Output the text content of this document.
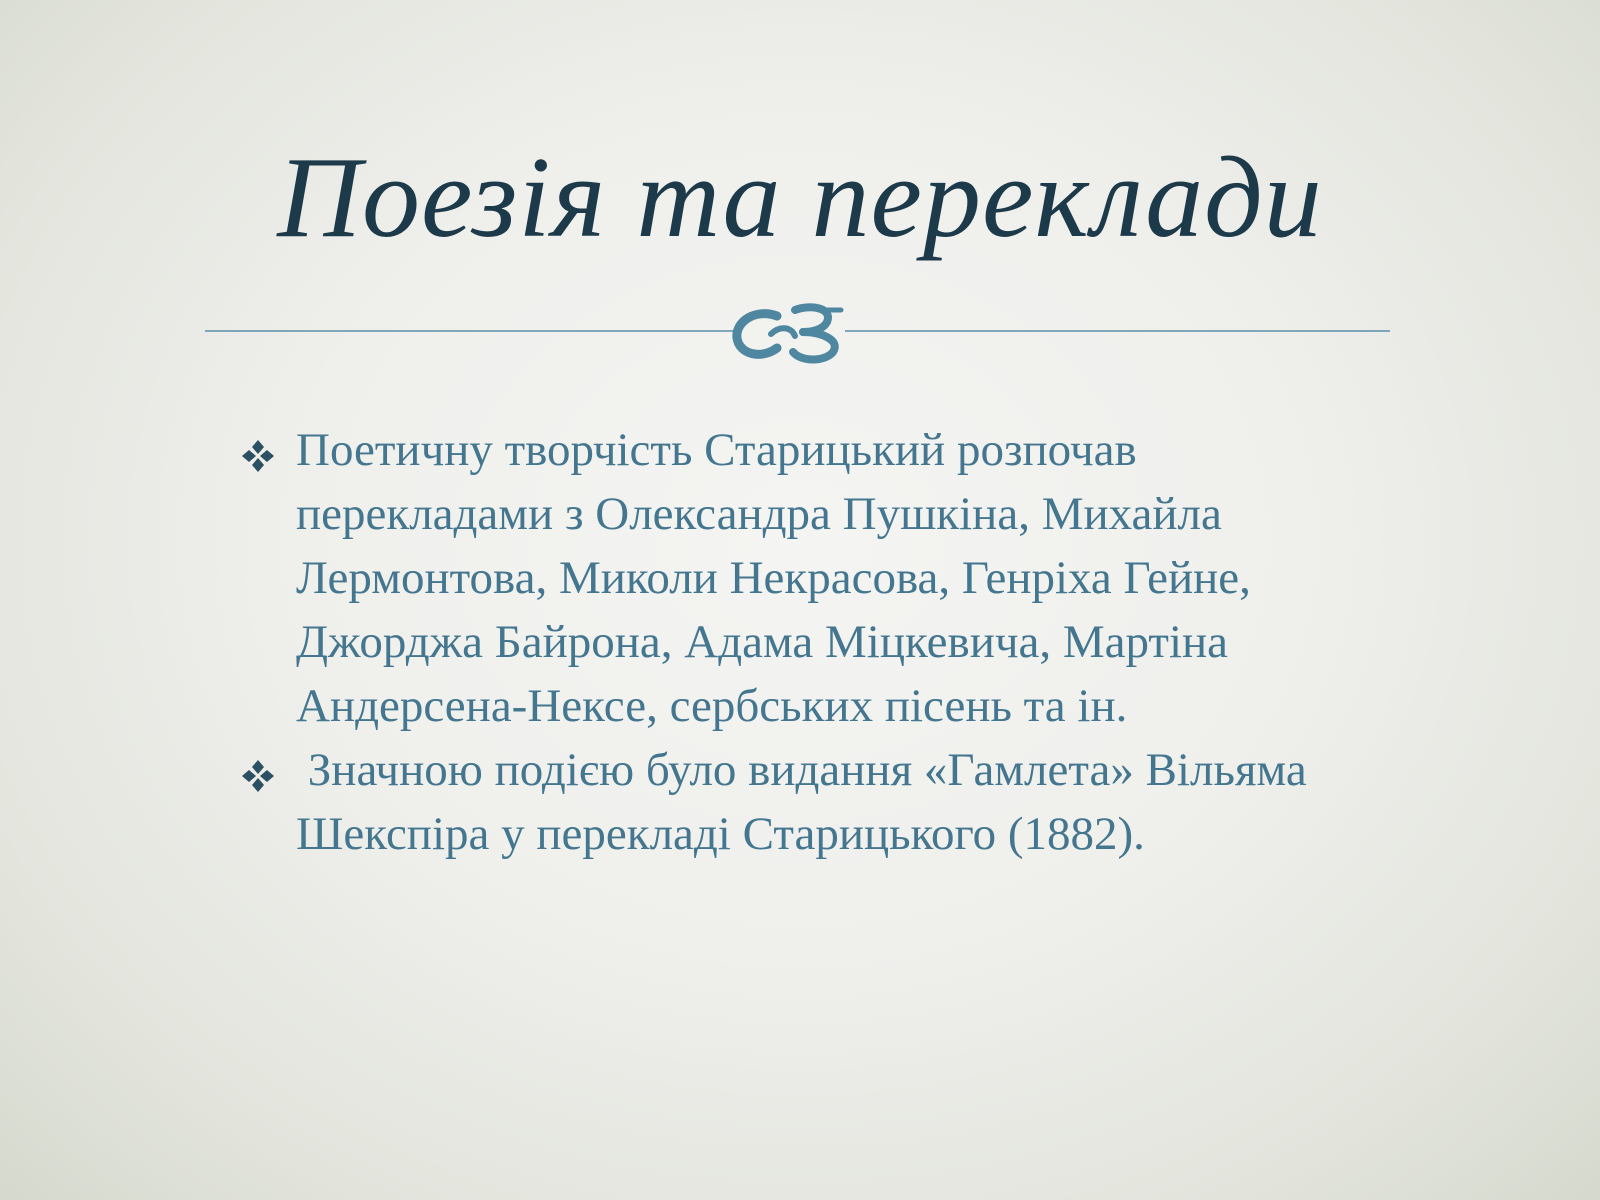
Поезія та переклади
Поетичну творчість Старицький розпочав перекладами з Олександра Пушкіна, Михайла Лермонтова, Миколи Некрасова, Генріха Гейне, Джорджа Байрона, Адама Міцкевича, Мартіна Андерсена-Нексе, сербських пісень та ін.
Значною подією було видання «Гамлета» Вільяма Шекспіра у перекладі Старицького (1882).
